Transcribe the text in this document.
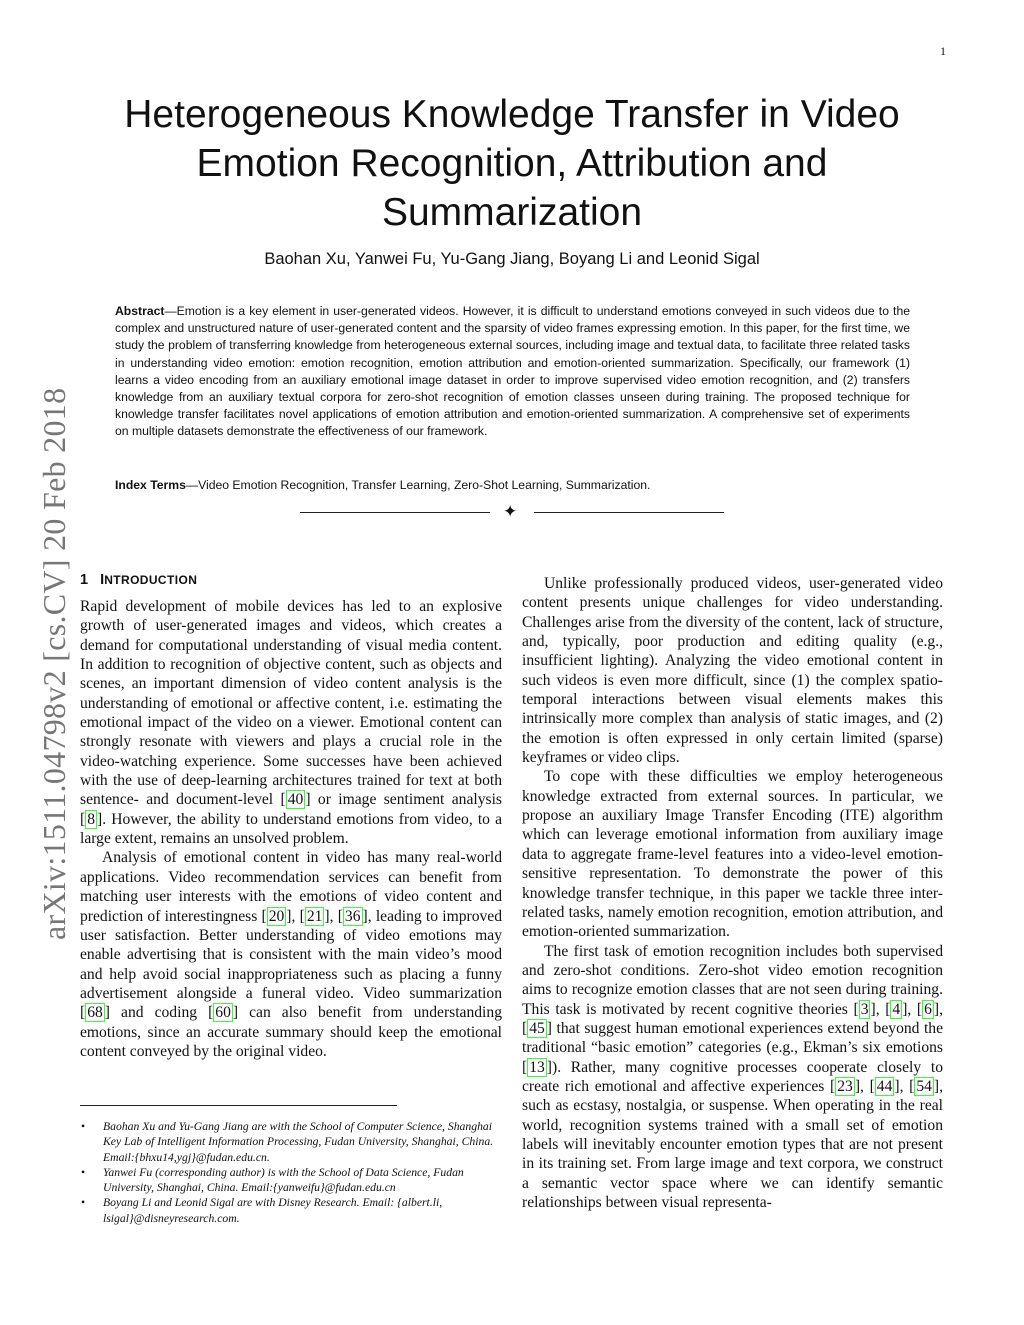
1
arXiv:1511.04798v2 [cs.CV] 20 Feb 2018
Heterogeneous Knowledge Transfer in Video Emotion Recognition, Attribution and Summarization
Baohan Xu, Yanwei Fu, Yu-Gang Jiang, Boyang Li and Leonid Sigal
Abstract—Emotion is a key element in user-generated videos. However, it is difficult to understand emotions conveyed in such videos due to the complex and unstructured nature of user-generated content and the sparsity of video frames expressing emotion. In this paper, for the first time, we study the problem of transferring knowledge from heterogeneous external sources, including image and textual data, to facilitate three related tasks in understanding video emotion: emotion recognition, emotion attribution and emotion-oriented summarization. Specifically, our framework (1) learns a video encoding from an auxiliary emotional image dataset in order to improve supervised video emotion recognition, and (2) transfers knowledge from an auxiliary textual corpora for zero-shot recognition of emotion classes unseen during training. The proposed technique for knowledge transfer facilitates novel applications of emotion attribution and emotion-oriented summarization. A comprehensive set of experiments on multiple datasets demonstrate the effectiveness of our framework.
Index Terms—Video Emotion Recognition, Transfer Learning, Zero-Shot Learning, Summarization.
✦
1 INTRODUCTION

Rapid development of mobile devices has led to an explosive growth of user-generated images and videos, which creates a demand for computational understanding of visual media content. In addition to recognition of objective content, such as objects and scenes, an important dimension of video content analysis is the understanding of emotional or affective content, i.e. estimating the emotional impact of the video on a viewer. Emotional content can strongly resonate with viewers and plays a crucial role in the video-watching experience. Some successes have been achieved with the use of deep-learning architectures trained for text at both sentence- and document-level [ 40 ] or image sentiment analysis [ 8 ]. However, the ability to understand emotions from video, to a large extent, remains an unsolved problem.

Analysis of emotional content in video has many real-world applications. Video recommendation services can benefit from matching user interests with the emotions of video content and prediction of interestingness [ 20 ], [ 21 ], [ 36 ], leading to improved user satisfaction. Better understanding of video emotions may enable advertising that is consistent with the main video’s mood and help avoid social inappropriateness such as placing a funny advertisement alongside a funeral video. Video summarization [ 68 ] and coding [ 60 ] can also benefit from understanding emotions, since an accurate summary should keep the emotional content conveyed by the original video.

• Baohan Xu and Yu-Gang Jiang are with the School of Computer Science, Shanghai Key Lab of Intelligent Information Processing, Fudan University, Shanghai, China. Email:{bhxu14,ygj}@fudan.edu.cn.
• Yanwei Fu (corresponding author) is with the School of Data Science, Fudan University, Shanghai, China. Email:{yanweifu}@fudan.edu.cn
• Boyang Li and Leonid Sigal are with Disney Research. Email: {albert.li, lsigal}@disneyresearch.com.

Unlike professionally produced videos, user-generated video content presents unique challenges for video understanding. Challenges arise from the diversity of the content, lack of structure, and, typically, poor production and editing quality (e.g., insufficient lighting). Analyzing the video emotional content in such videos is even more difficult, since (1) the complex spatio-temporal interactions between visual elements makes this intrinsically more complex than analysis of static images, and (2) the emotion is often expressed in only certain limited (sparse) keyframes or video clips.

To cope with these difficulties we employ heterogeneous knowledge extracted from external sources. In particular, we propose an auxiliary Image Transfer Encoding (ITE) algorithm which can leverage emotional information from auxiliary image data to aggregate frame-level features into a video-level emotion-sensitive representation. To demonstrate the power of this knowledge transfer technique, in this paper we tackle three inter-related tasks, namely emotion recognition, emotion attribution, and emotion-oriented summarization.

The first task of emotion recognition includes both supervised and zero-shot conditions. Zero-shot video emotion recognition aims to recognize emotion classes that are not seen during training. This task is motivated by recent cognitive theories [ 3 ], [ 4 ], [ 6 ], [ 45 ] that suggest human emotional experiences extend beyond the traditional “basic emotion” categories (e.g., Ekman’s six emotions [ 13 ]). Rather, many cognitive processes cooperate closely to create rich emotional and affective experiences [ 23 ], [ 44 ], [ 54 ], such as ecstasy, nostalgia, or suspense. When operating in the real world, recognition systems trained with a small set of emotion labels will inevitably encounter emotion types that are not present in its training set. From large image and text corpora, we construct a semantic vector space where we can identify semantic relationships between visual representa-
